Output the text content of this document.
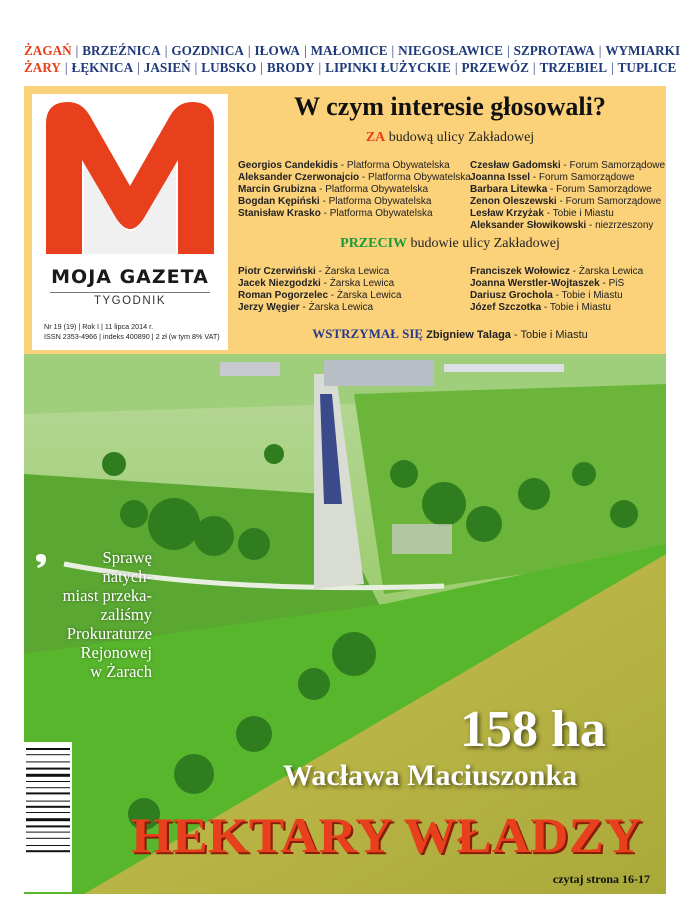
ŻAGAŃ | BRZEŹNICA | GOZDNICA | IŁOWA | MAŁOMICE | NIEGOSŁAWICE | SZPROTAWA | WYMIARKI
ŻARY | ŁĘKNICA | JASIEŃ | LUBSKO | BRODY | LIPINKI ŁUŻYCKIE | PRZEWÓZ | TRZEBIEL | TUPLICE
MOJA GAZETA
TYGODNIK
Nr 19 (19) | Rok I | 11 lipca 2014 r.
ISSN 2353-4966 | indeks 400890 | 2 zł (w tym 8% VAT)
W czym interesie głosowali?
ZA budową ulicy Zakładowej
Georgios Candekidis - Platforma Obywatelska
Aleksander Czerwonajcio - Platforma Obywatelska
Marcin Grubizna - Platforma Obywatelska
Bogdan Kępiński - Platforma Obywatelska
Stanisław Krasko - Platforma Obywatelska
Czesław Gadomski - Forum Samorządowe
Joanna Issel - Forum Samorządowe
Barbara Litewka - Forum Samorządowe
Zenon Oleszewski - Forum Samorządowe
Lesław Krzyżak - Tobie i Miastu
Aleksander Słowikowski - niezrzeszony
PRZECIW budowie ulicy Zakładowej
Piotr Czerwiński - Żarska Lewica
Jacek Niezgodzki - Żarska Lewica
Roman Pogorzelec - Żarska Lewica
Jerzy Węgier - Żarska Lewica
Franciszek Wołowicz - Żarska Lewica
Joanna Werstler-Wojtaszek - PiS
Dariusz Grochola - Tobie i Miastu
Józef Szczotka - Tobie i Miastu
WSTRZYMAŁ SIĘ Zbigniew Talaga - Tobie i Miastu
Sprawę
natych-
miast przeka-
zaliśmy
Prokuraturze
Rejonowej
w Żarach
158 ha
Wacława Maciuszonka
HEKTARY WŁADZY
czytaj strona 16-17
